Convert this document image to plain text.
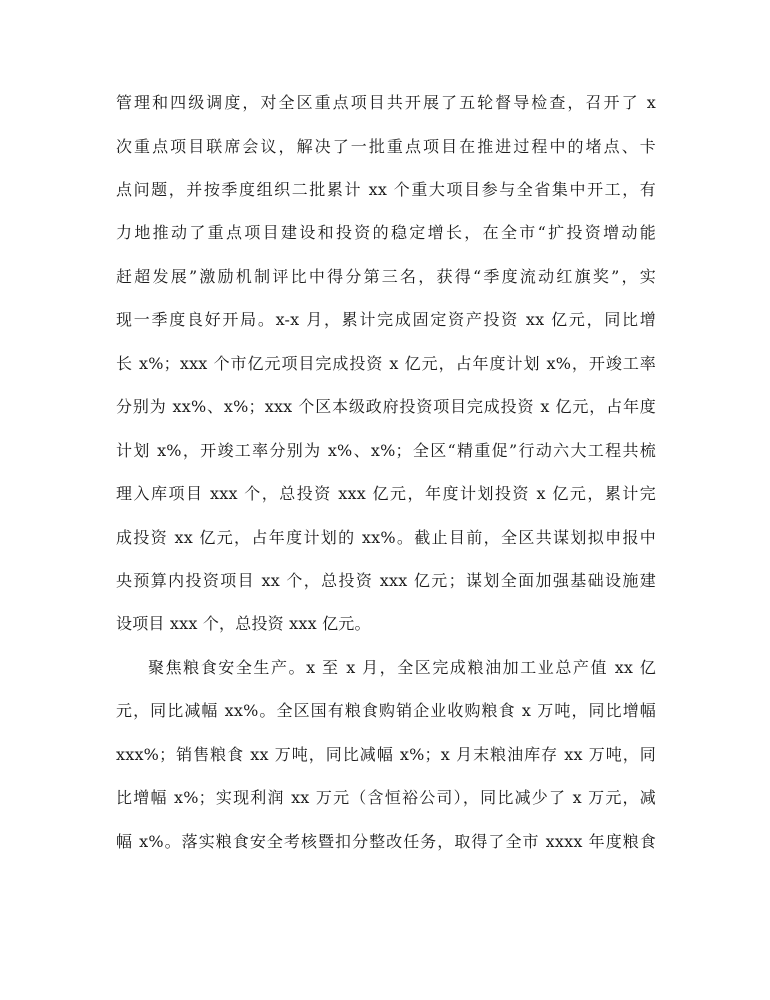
管理和四级调度，对全区重点项目共开展了五轮督导检查，召开了 x
次重点项目联席会议，解决了一批重点项目在推进过程中的堵点、卡
点问题，并按季度组织二批累计 xx 个重大项目参与全省集中开工，有
力地推动了重点项目建设和投资的稳定增长，在全市“扩投资增动能
赶超发展”激励机制评比中得分第三名，获得“季度流动红旗奖”，实
现一季度良好开局。x-x 月，累计完成固定资产投资 xx 亿元，同比增
长 x%；xxx 个市亿元项目完成投资 x 亿元，占年度计划 x%，开竣工率
分别为 xx%、x%；xxx 个区本级政府投资项目完成投资 x 亿元，占年度
计划 x%，开竣工率分别为 x%、x%；全区“精重促”行动六大工程共梳
理入库项目 xxx 个，总投资 xxx 亿元，年度计划投资 x 亿元，累计完
成投资 xx 亿元，占年度计划的 xx%。截止目前，全区共谋划拟申报中
央预算内投资项目 xx 个，总投资 xxx 亿元；谋划全面加强基础设施建
设项目 xxx 个，总投资 xxx 亿元。
聚焦粮食安全生产。x 至 x 月，全区完成粮油加工业总产值 xx 亿
元，同比减幅 xx%。全区国有粮食购销企业收购粮食 x 万吨，同比增幅
xxx%；销售粮食 xx 万吨，同比减幅 x%；x 月末粮油库存 xx 万吨，同
比增幅 x%；实现利润 xx 万元（含恒裕公司），同比减少了 x 万元，减
幅 x%。落实粮食安全考核暨扣分整改任务，取得了全市 xxxx 年度粮食
